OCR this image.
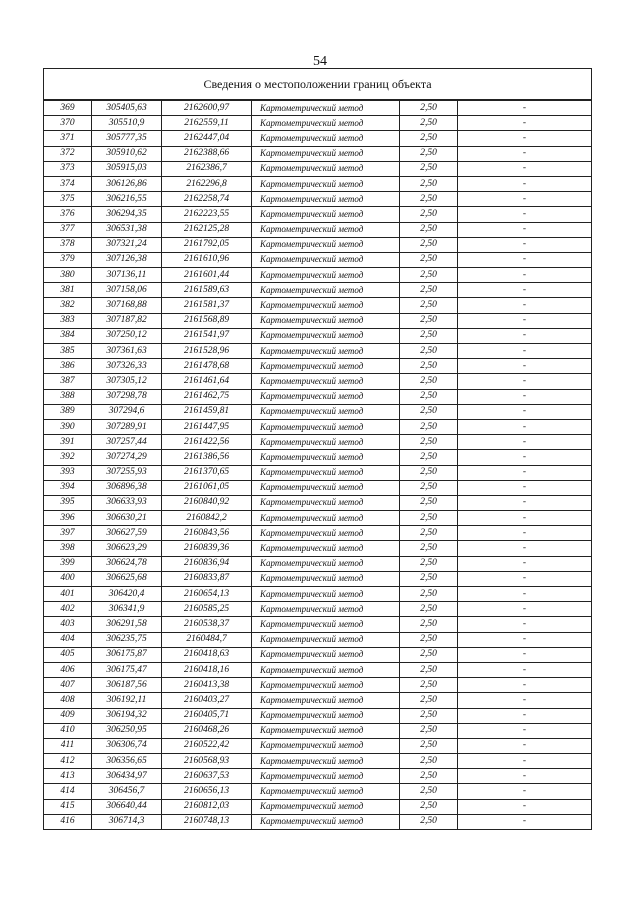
54
Сведения о местоположении границ объекта					
369	305405,63	2162600,97	Картометрический метод	2,50	-
370	305510,9	2162559,11	Картометрический метод	2,50	-
371	305777,35	2162447,04	Картометрический метод	2,50	-
372	305910,62	2162388,66	Картометрический метод	2,50	-
373	305915,03	2162386,7	Картометрический метод	2,50	-
374	306126,86	2162296,8	Картометрический метод	2,50	-
375	306216,55	2162258,74	Картометрический метод	2,50	-
376	306294,35	2162223,55	Картометрический метод	2,50	-
377	306531,38	2162125,28	Картометрический метод	2,50	-
378	307321,24	2161792,05	Картометрический метод	2,50	-
379	307126,38	2161610,96	Картометрический метод	2,50	-
380	307136,11	2161601,44	Картометрический метод	2,50	-
381	307158,06	2161589,63	Картометрический метод	2,50	-
382	307168,88	2161581,37	Картометрический метод	2,50	-
383	307187,82	2161568,89	Картометрический метод	2,50	-
384	307250,12	2161541,97	Картометрический метод	2,50	-
385	307361,63	2161528,96	Картометрический метод	2,50	-
386	307326,33	2161478,68	Картометрический метод	2,50	-
387	307305,12	2161461,64	Картометрический метод	2,50	-
388	307298,78	2161462,75	Картометрический метод	2,50	-
389	307294,6	2161459,81	Картометрический метод	2,50	-
390	307289,91	2161447,95	Картометрический метод	2,50	-
391	307257,44	2161422,56	Картометрический метод	2,50	-
392	307274,29	2161386,56	Картометрический метод	2,50	-
393	307255,93	2161370,65	Картометрический метод	2,50	-
394	306896,38	2161061,05	Картометрический метод	2,50	-
395	306633,93	2160840,92	Картометрический метод	2,50	-
396	306630,21	2160842,2	Картометрический метод	2,50	-
397	306627,59	2160843,56	Картометрический метод	2,50	-
398	306623,29	2160839,36	Картометрический метод	2,50	-
399	306624,78	2160836,94	Картометрический метод	2,50	-
400	306625,68	2160833,87	Картометрический метод	2,50	-
401	306420,4	2160654,13	Картометрический метод	2,50	-
402	306341,9	2160585,25	Картометрический метод	2,50	-
403	306291,58	2160538,37	Картометрический метод	2,50	-
404	306235,75	2160484,7	Картометрический метод	2,50	-
405	306175,87	2160418,63	Картометрический метод	2,50	-
406	306175,47	2160418,16	Картометрический метод	2,50	-
407	306187,56	2160413,38	Картометрический метод	2,50	-
408	306192,11	2160403,27	Картометрический метод	2,50	-
409	306194,32	2160405,71	Картометрический метод	2,50	-
410	306250,95	2160468,26	Картометрический метод	2,50	-
411	306306,74	2160522,42	Картометрический метод	2,50	-
412	306356,65	2160568,93	Картометрический метод	2,50	-
413	306434,97	2160637,53	Картометрический метод	2,50	-
414	306456,7	2160656,13	Картометрический метод	2,50	-
415	306640,44	2160812,03	Картометрический метод	2,50	-
416	306714,3	2160748,13	Картометрический метод	2,50	-
